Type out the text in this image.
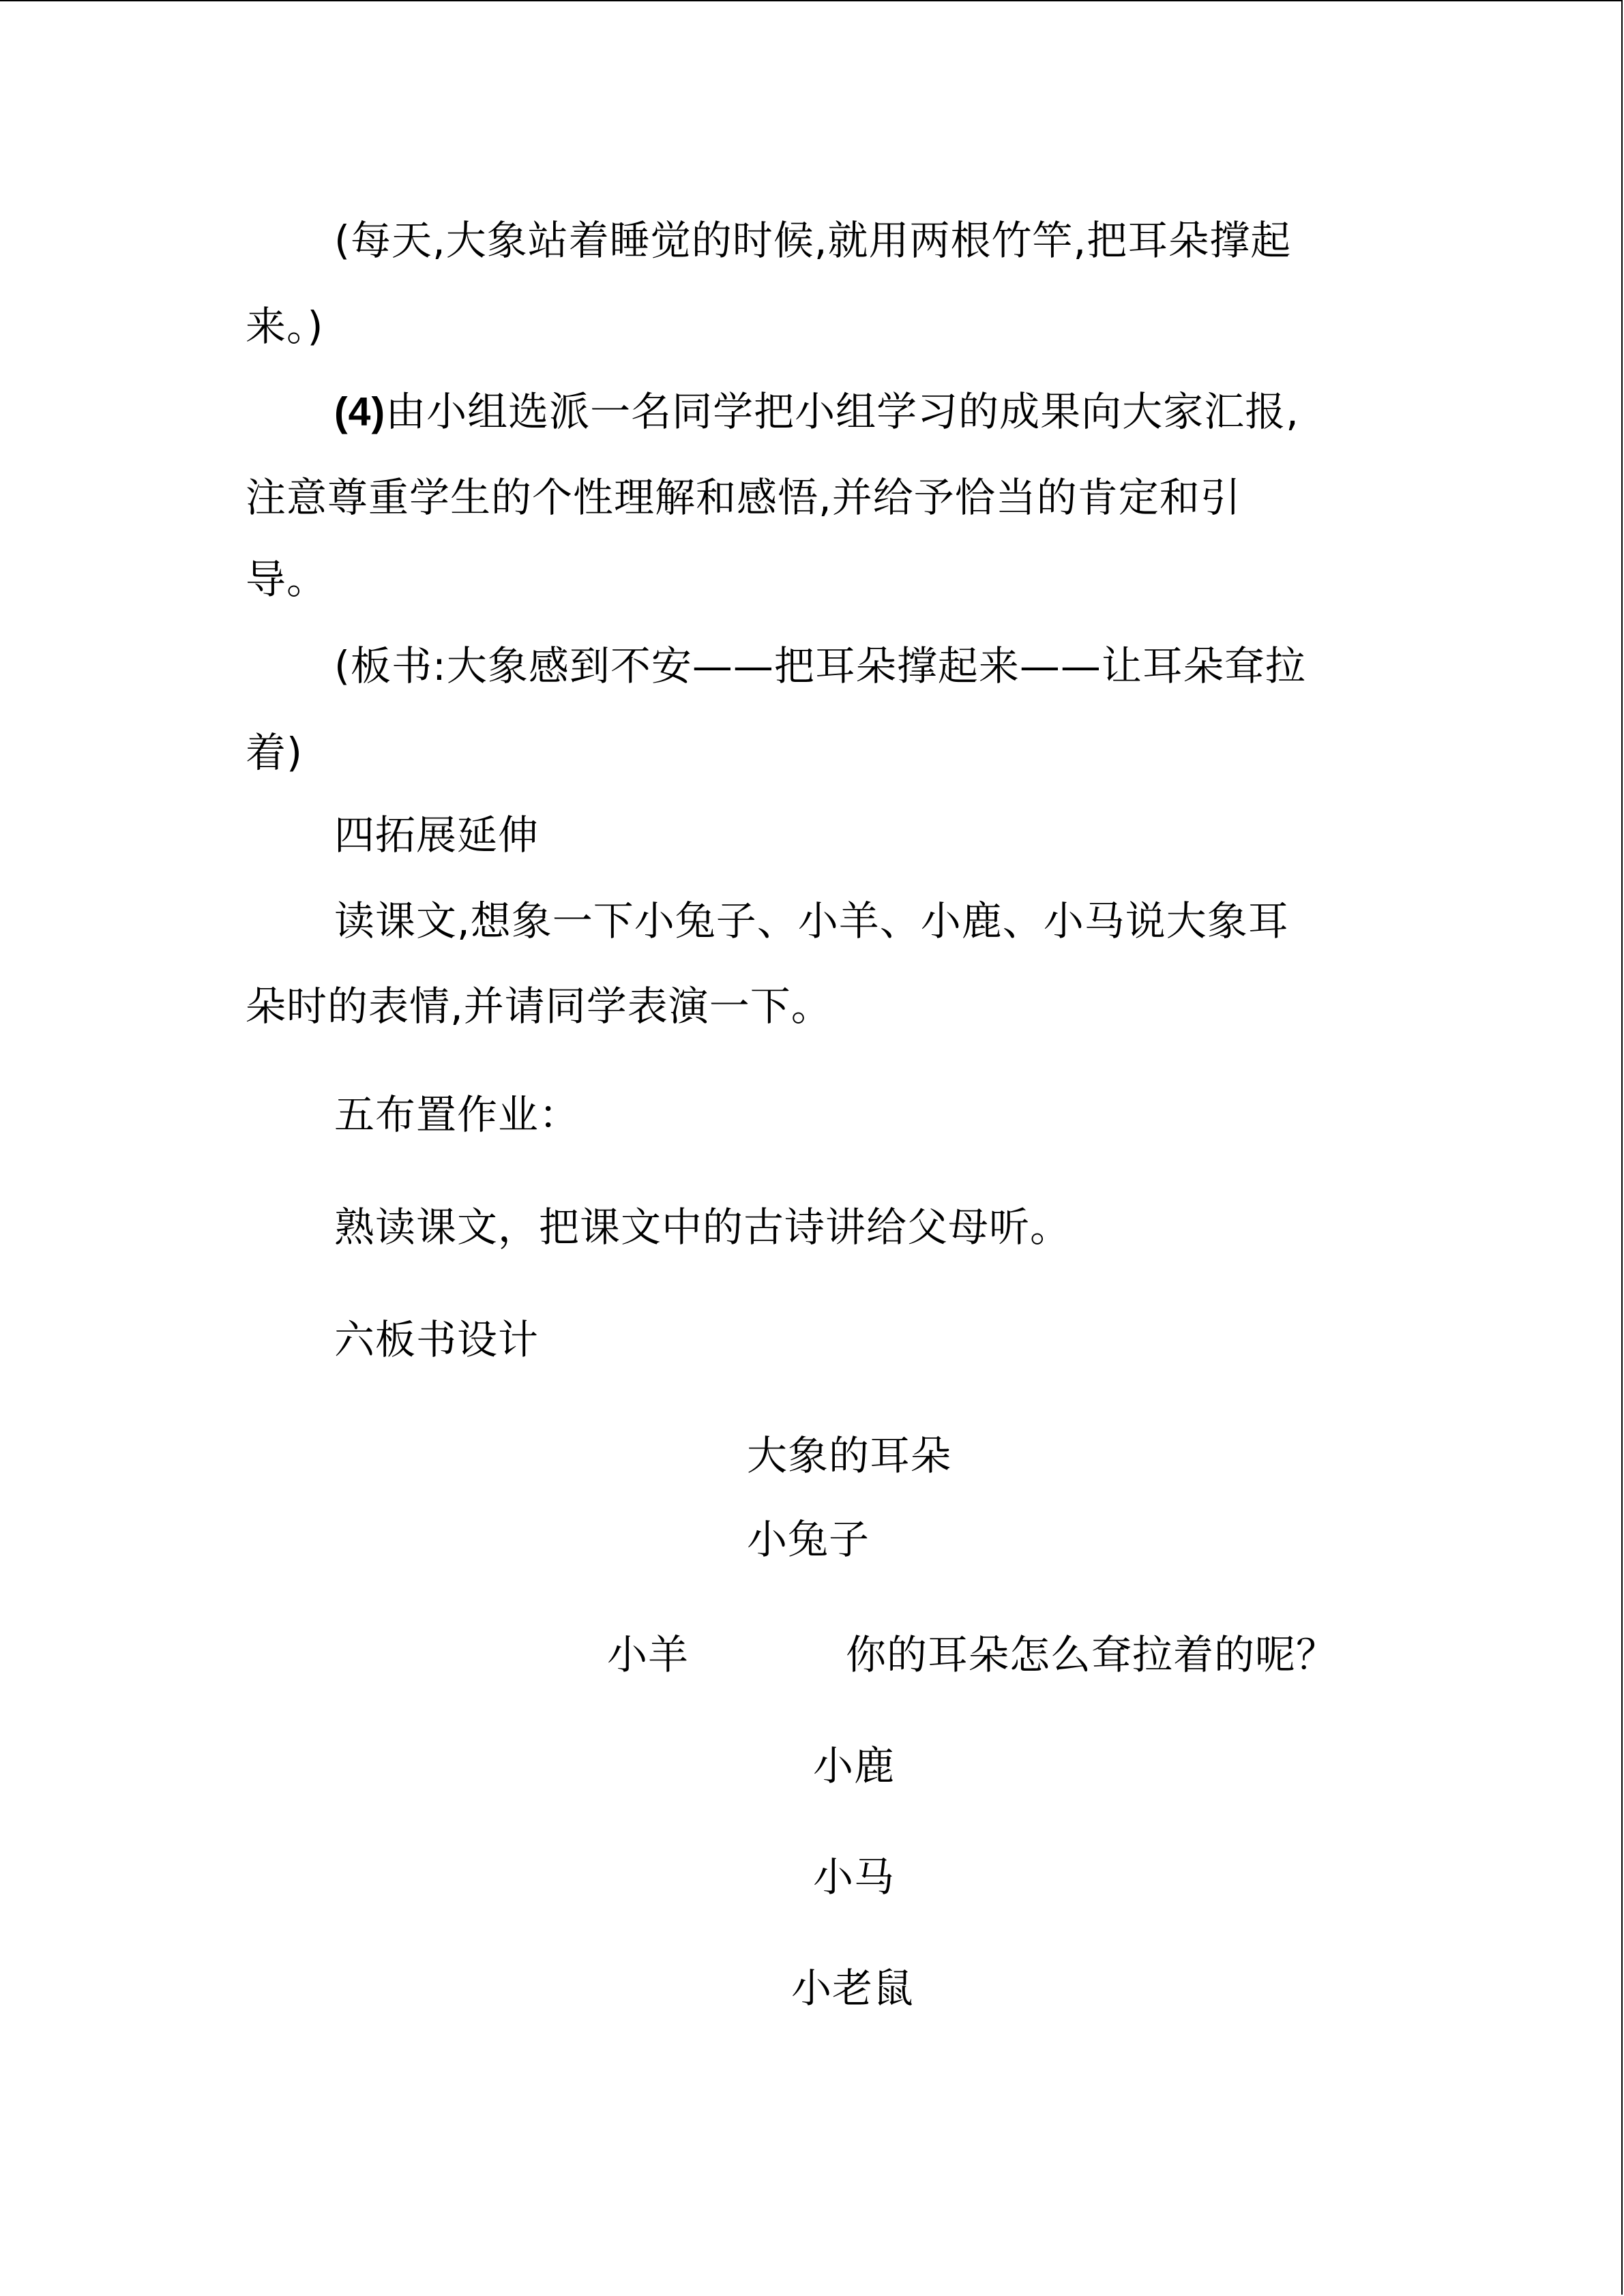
(每天,大象站着睡觉的时候,就用两根竹竿,把耳朵撑起
来。)
(4)由小组选派一名同学把小组学习的成果向大家汇报,
注意尊重学生的个性理解和感悟,并给予恰当的肯定和引
导。
(板书:大象感到不安——把耳朵撑起来——让耳朵耷拉
着)
四拓展延伸
读课文,想象一下小兔子、小羊、小鹿、小马说大象耳
朵时的表情,并请同学表演一下。
五布置作业：
熟读课文，把课文中的古诗讲给父母听。
六板书设计
大象的耳朵
小兔子
小羊	你的耳朵怎么耷拉着的呢？
小鹿
小马
小老鼠
